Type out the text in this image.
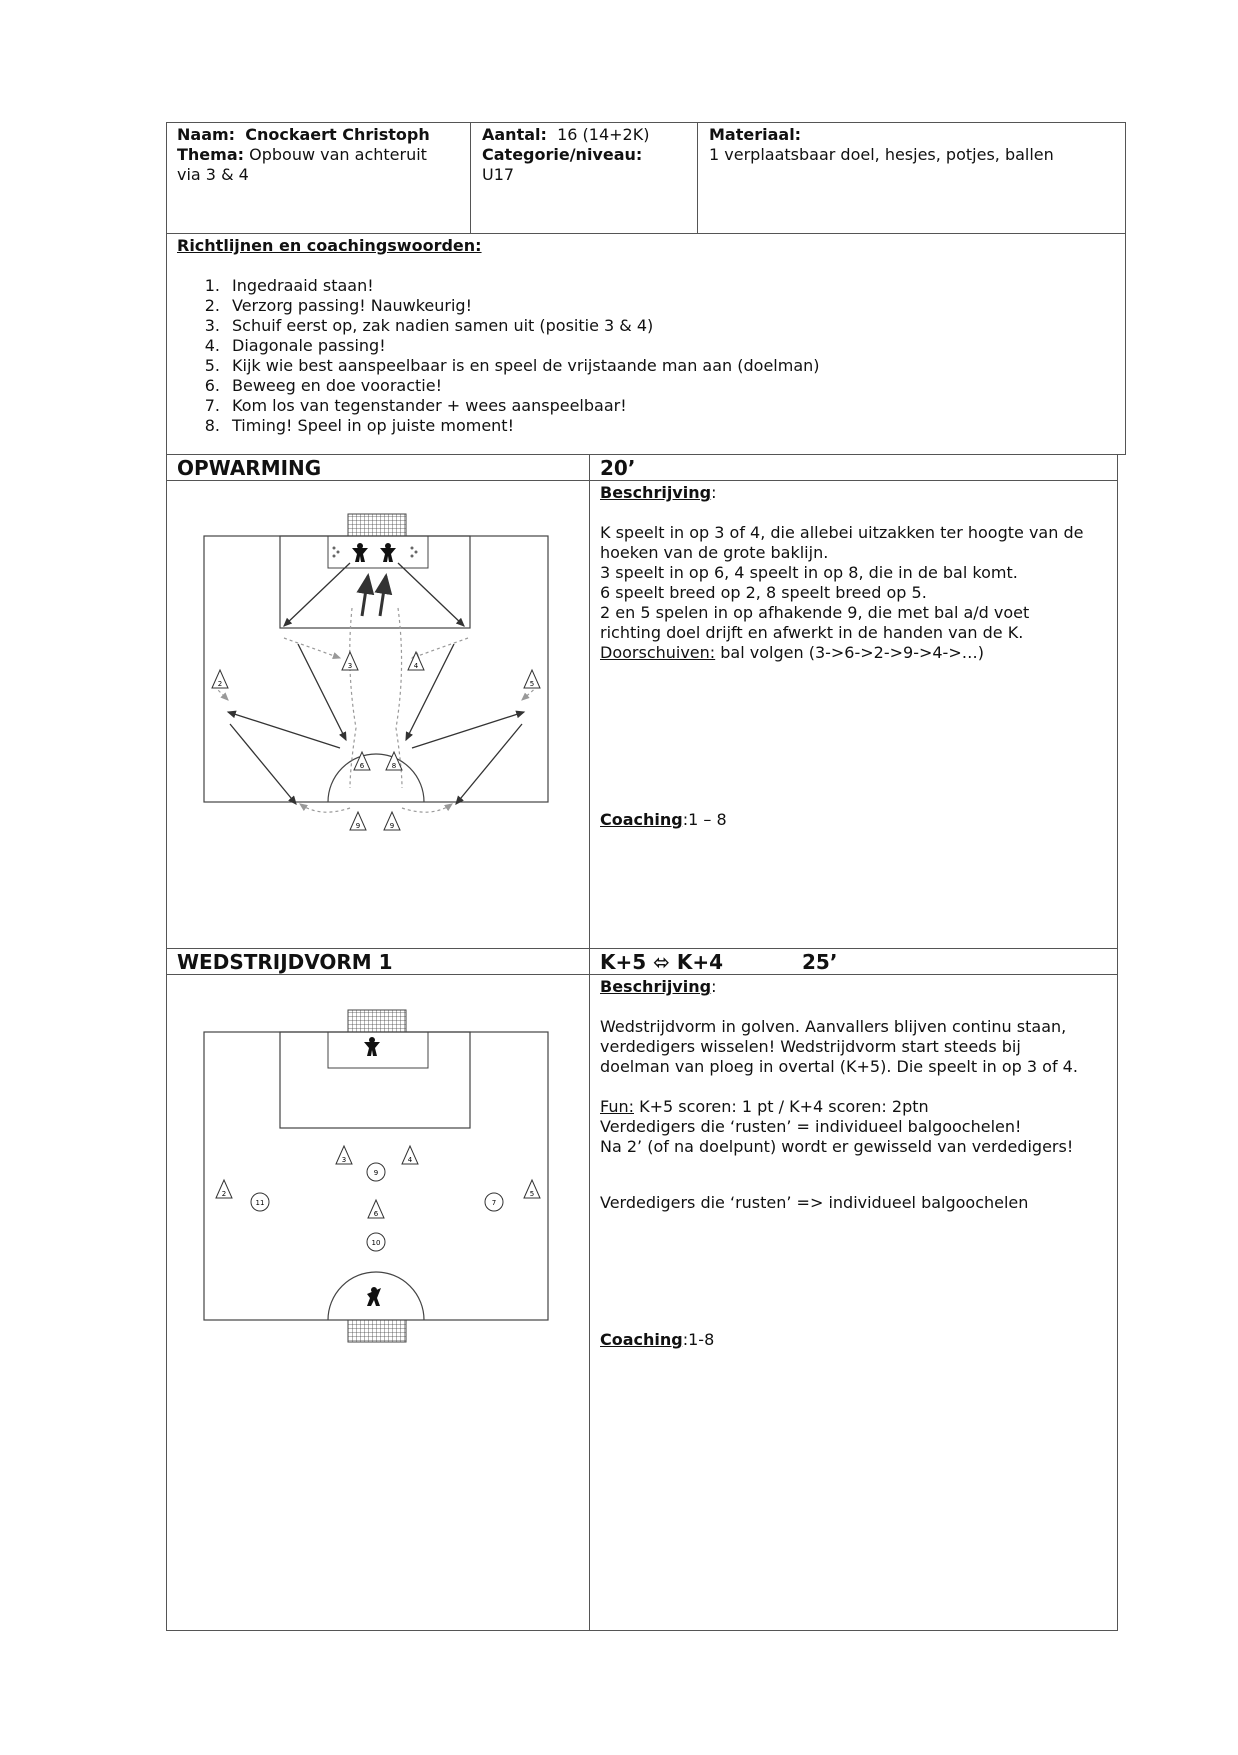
Naam: Cnockaert Christoph
Thema: Opbouw van achteruit
via 3 & 4
Aantal: 16 (14+2K)
Categorie/niveau:
U17
Materiaal:
1 verplaatsbaar doel, hesjes, potjes, ballen
Richtlijnen en coachingswoorden:
1. Ingedraaid staan!
2. Verzorg passing! Nauwkeurig!
3. Schuif eerst op, zak nadien samen uit (positie 3 & 4)
4. Diagonale passing!
5. Kijk wie best aanspeelbaar is en speel de vrijstaande man aan (doelman)
6. Beweeg en doe vooractie!
7. Kom los van tegenstander + wees aanspeelbaar!
8. Timing! Speel in op juiste moment!
OPWARMING	20’
Beschrijving:
K speelt in op 3 of 4, die allebei uitzakken ter hoogte van de
hoeken van de grote baklijn.
3 speelt in op 6, 4 speelt in op 8, die in de bal komt.
6 speelt breed op 2, 8 speelt breed op 5.
2 en 5 spelen in op afhakende 9, die met bal a/d voet
richting doel drijft en afwerkt in de handen van de K.
Doorschuiven: bal volgen (3->6->2->9->4->…)
Coaching:1 – 8
3	4
2	5
6	8
9	9
WEDSTRIJDVORM 1	K+5 ⬄ K+4	25’
Beschrijving:
Wedstrijdvorm in golven. Aanvallers blijven continu staan,
verdedigers wisselen! Wedstrijdvorm start steeds bij
doelman van ploeg in overtal (K+5). Die speelt in op 3 of 4.
Fun: K+5 scoren: 1 pt / K+4 scoren: 2ptn
Verdedigers die ‘rusten’ = individueel balgoochelen!
Na 2’ (of na doelpunt) wordt er gewisseld van verdedigers!
Verdedigers die ‘rusten’ => individueel balgoochelen
Coaching:1-8
3	4
2	5
6
9
11	7
10
